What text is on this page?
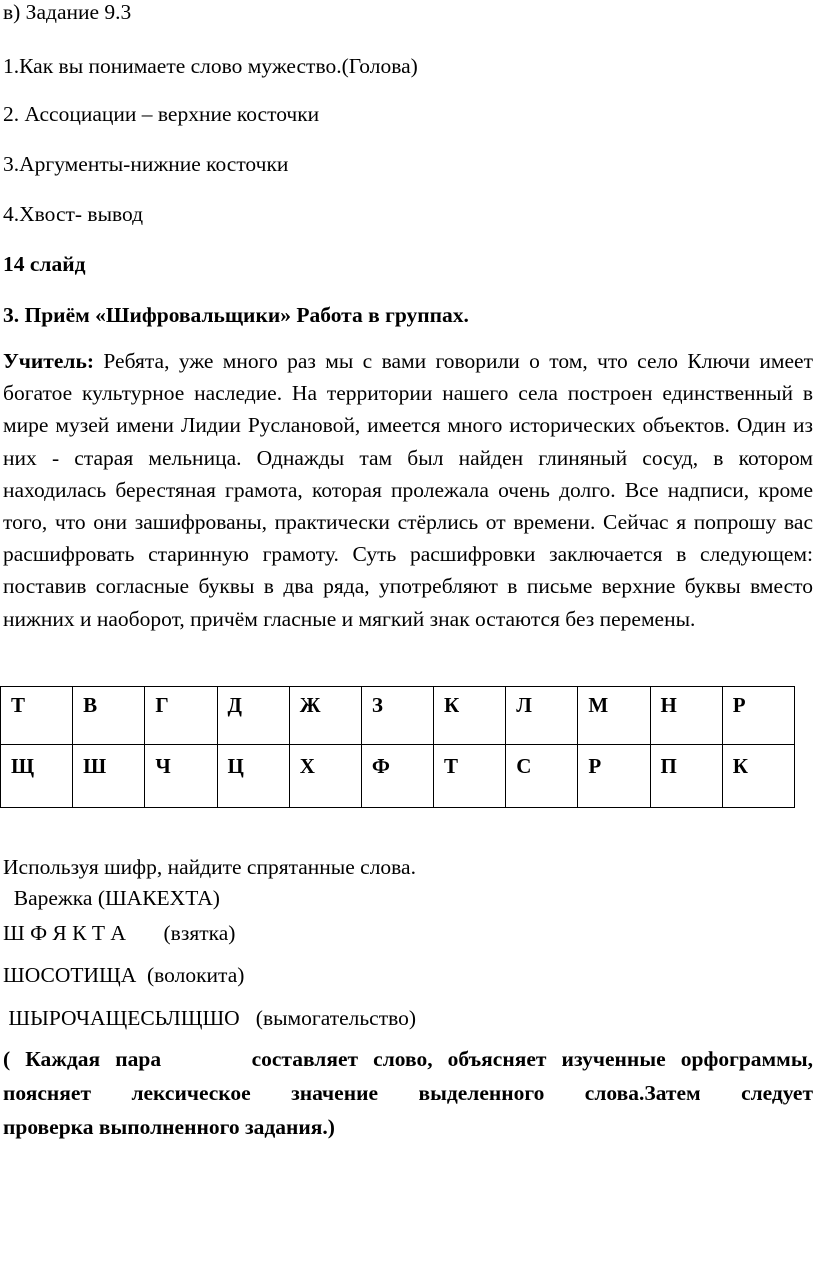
в) Задание 9.3
1.Как вы понимаете слово мужество.(Голова)
2. Ассоциации – верхние косточки
3.Аргументы-нижние косточки
4.Хвост- вывод
14 слайд
3. Приём «Шифровальщики» Работа в группах.
Учитель: Ребята, уже много раз мы с вами говорили о том, что село Ключи имеет богатое культурное наследие. На территории нашего села построен единственный в мире музей имени Лидии Руслановой, имеется много исторических объектов. Один из них - старая мельница. Однажды там был найден глиняный сосуд, в котором находилась берестяная грамота, которая пролежала очень долго. Все надписи, кроме того, что они зашифрованы, практически стёрлись от времени. Сейчас я попрошу вас расшифровать старинную грамоту. Суть расшифровки заключается в следующем: поставив согласные буквы в два ряда, употребляют в письме верхние буквы вместо нижних и наоборот, причём гласные и мягкий знак остаются без перемены.
Т	В	Г	Д	Ж	З	К	Л	М	Н	Р
Щ	Ш	Ч	Ц	Х	Ф	Т	С	Р	П	К
Используя шифр, найдите спрятанные слова.
Варежка (ШАКЕХТА)
Ш Ф Я К Т А       (взятка)
ШОСОТИЩА  (волокита)
ШЫРОЧАЩЕСЬЛЩШО   (вымогательство)
( Каждая пара      составляет слово, объясняет изученные орфограммы,
поясняет лексическое значение выделенного слова.Затем следует
проверка выполненного задания.)
